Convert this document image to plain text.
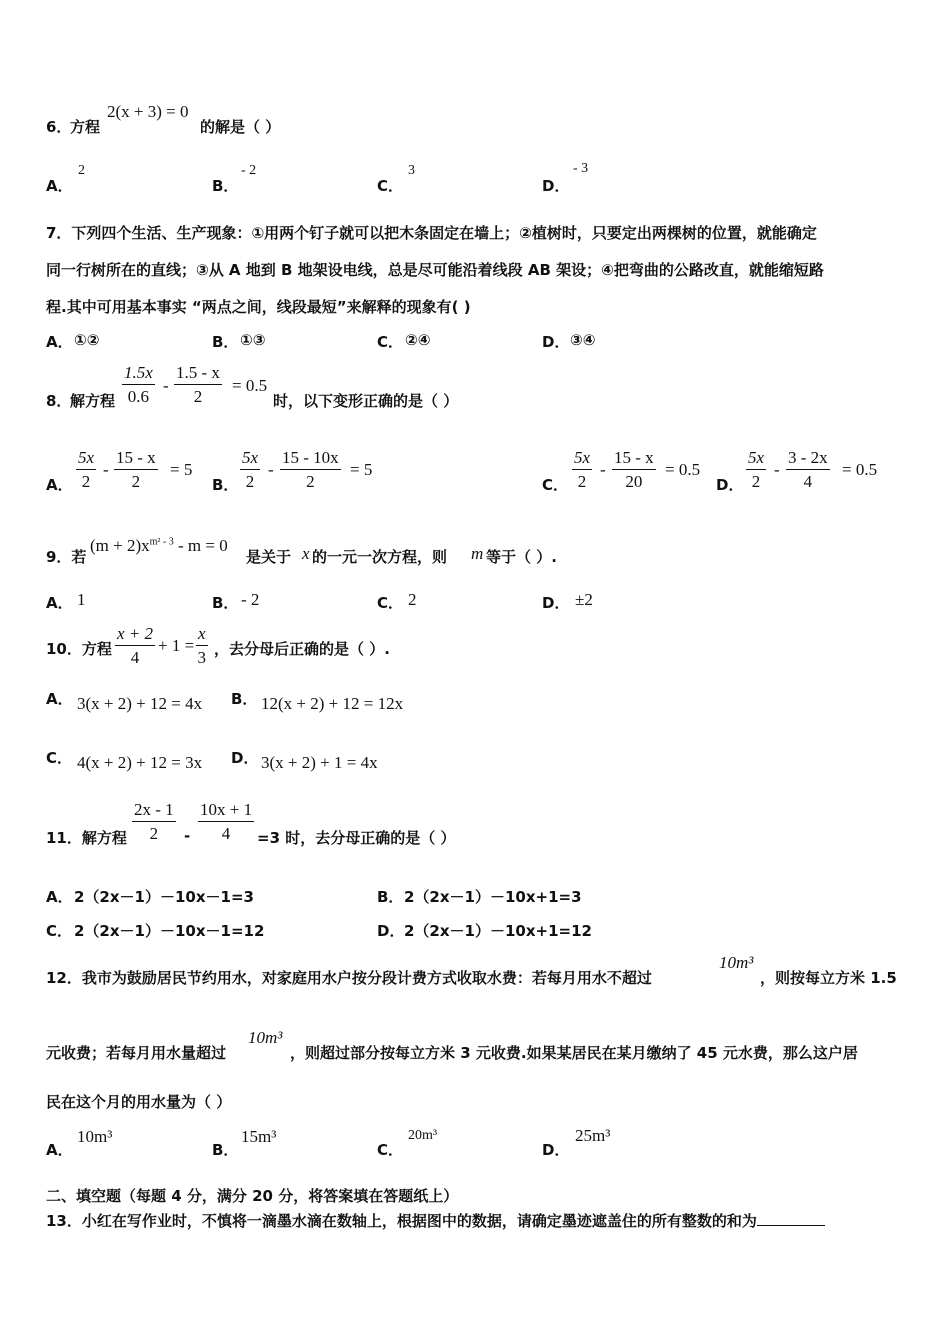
6．
方程
2(x + 3) = 0
的解是（ ）
A．
2
B．
- 2
C．
3
D．
- 3
7．下列四个生活、生产现象：①用两个钉子就可以把木条固定在墙上；②植树时，只要定出两棵树的位置，就能确定
同一行树所在的直线；③从 A 地到 B 地架设电线，总是尽可能沿着线段 AB 架设；④把弯曲的公路改直，就能缩短路
程.其中可用基本事实 “两点之间，线段最短”来解释的现象有( )
A． ①②	B． ①③	C． ②④	D． ③④
8．
解方程 $\frac{1.5x}{0.6} - \frac{1.5 - x}{2} = 0.5$
时，以下变形正确的是（ ）
A． $\frac{5x}{2} - \frac{15 - x}{2} = 5$
B． $\frac{5x}{2} - \frac{15 - 10x}{2} = 5$
C． $\frac{5x}{2} - \frac{15 - x}{20} = 0.5$
D． $\frac{5x}{2} - \frac{3 - 2x}{4} = 0.5$
9．若
$(m + 2)x^{m^2 - 3} - m = 0$
是关于 x 的一元一次方程，则 m 等于（ ）.
A． 1	B． - 2	C． 2	D． ±2
10．方程 $\frac{x + 2}{4} + 1 = \frac{x}{3}$ ，去分母后正确的是（ ）.
A． 3(x + 2) + 12 = 4x B． 12(x + 2) + 12 = 12x
C． 4(x + 2) + 12 = 3x D． 3(x + 2) + 1 = 4x
11．解方程 $\frac{2x - 1}{2} - \frac{10x + 1}{4} =3$ 时，去分母正确的是（ ）
A． 2（2x－1）－10x－1=3	B． 2（2x－1）－10x+1=3
C． 2（2x－1）－10x－1=12	D． 2（2x－1）－10x+1=12
12．我市为鼓励居民节约用水，对家庭用水户按分段计费方式收取水费：若每月用水不超过
10m³
，则按每立方米 1.5
元收费；若每月用水量超过
10m³
，则超过部分按每立方米 3 元收费.如果某居民在某月缴纳了 45 元水费，那么这户居
民在这个月的用水量为（ ）
A．
10m³
B．
15m³
C．
20m³
D．
25m³
二、填空题（每题 4 分，满分 20 分，将答案填在答题纸上）
13．小红在写作业时，不慎将一滴墨水滴在数轴上，根据图中的数据，请确定墨迹遮盖住的所有整数的和为
